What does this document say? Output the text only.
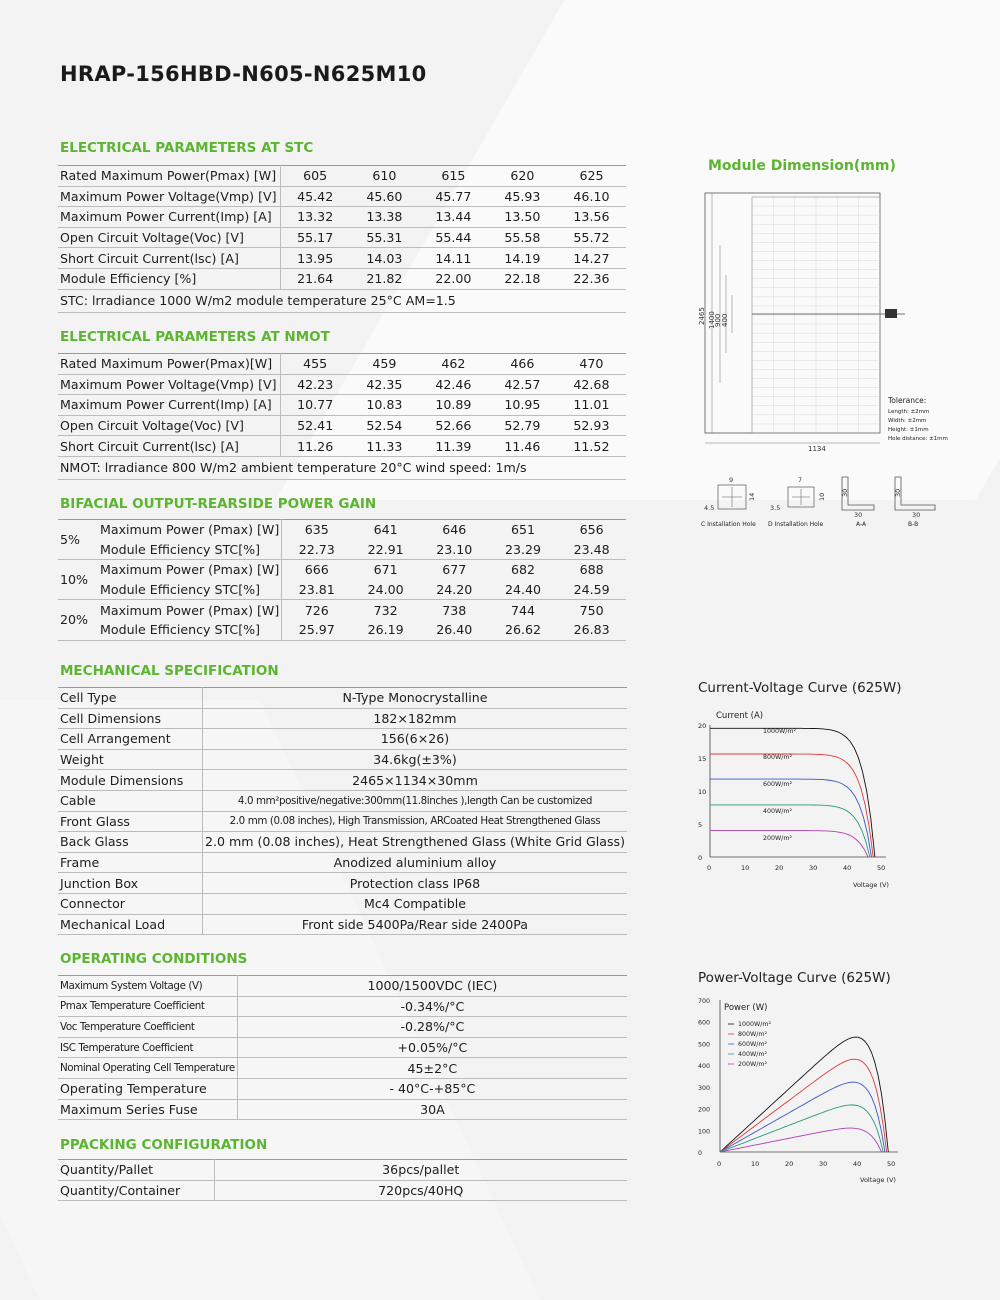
HRAP-156HBD-N605-N625M10
ELECTRICAL PARAMETERS AT STC
Rated Maximum Power(Pmax) [W]	605	610	615	620	625
Maximum Power Voltage(Vmp) [V]	45.42	45.60	45.77	45.93	46.10
Maximum Power Current(Imp) [A]	13.32	13.38	13.44	13.50	13.56
Open Circuit Voltage(Voc) [V]	55.17	55.31	55.44	55.58	55.72
Short Circuit Current(lsc) [A]	13.95	14.03	14.11	14.19	14.27
Module Efficiency [%]	21.64	21.82	22.00	22.18	22.36
STC: lrradiance 1000 W/m2 module temperature 25°C AM=1.5					
ELECTRICAL PARAMETERS AT NMOT
Rated Maximum Power(Pmax)[W]	455	459	462	466	470
Maximum Power Voltage(Vmp) [V]	42.23	42.35	42.46	42.57	42.68
Maximum Power Current(Imp) [A]	10.77	10.83	10.89	10.95	11.01
Open Circuit Voltage(Voc) [V]	52.41	52.54	52.66	52.79	52.93
Short Circuit Current(lsc) [A]	11.26	11.33	11.39	11.46	11.52
NMOT: lrradiance 800 W/m2 ambient temperature 20°C wind speed: 1m/s					
BIFACIAL OUTPUT-REARSIDE POWER GAIN
5%	Maximum Power (Pmax) [W]	635	641	646	651	656
	Module Efficiency STC[%]	22.73	22.91	23.10	23.29	23.48
10%	Maximum Power (Pmax) [W]	666	671	677	682	688
	Module Efficiency STC[%]	23.81	24.00	24.20	24.40	24.59
20%	Maximum Power (Pmax) [W]	726	732	738	744	750
	Module Efficiency STC[%]	25.97	26.19	26.40	26.62	26.83
MECHANICAL SPECIFICATION
Cell Type	N-Type Monocrystalline
Cell Dimensions	182×182mm
Cell Arrangement	156(6×26)
Weight	34.6kg(±3%)
Module Dimensions	2465×1134×30mm
Cable	4.0 mm²positive/negative:300mm(11.8inches ),length Can be customized
Front Glass	2.0 mm (0.08 inches), High Transmission, ARCoated Heat Strengthened Glass
Back Glass	2.0 mm (0.08 inches), Heat Strengthened Glass (White Grid Glass)
Frame	Anodized aluminium alloy
Junction Box	Protection class IP68
Connector	Mc4 Compatible
Mechanical Load	Front side 5400Pa/Rear side 2400Pa
OPERATING CONDITIONS
Maximum System Voltage (V)	1000/1500VDC (IEC)
Pmax Temperature Coefficient	-0.34%/°C
Voc Temperature Coefficient	-0.28%/°C
ISC Temperature Coefficient	+0.05%/°C
Nominal Operating Cell Temperature	45±2°C
Operating Temperature	- 40°C-+85°C
Maximum Series Fuse	30A
PPACKING CONFIGURATION
Quantity/Pallet	36pcs/pallet
Quantity/Container	720pcs/40HQ
Module Dimension(mm)
2465 1400
900 400
1134
Tolerance:
Length: ±2mm
Width: ±2mm
Height: ±1mm
Hole distance: ±1mm
9
4.5
14
C Installation Hole
7
3.5
10
D Installation Hole
30
30
A-A
30
30
B-B
Current-Voltage Curve (625W)
0	10	20	30	40	50
0
5
10
15
20
Current (A)
Voltage (V)
1000W/m²
800W/m²
600W/m²
400W/m²
200W/m²
Power-Voltage Curve (625W)
0	10	20	30	40	50
0
100
200
300
400
500
600
700
Power (W)
Voltage (V)
1000W/m²
800W/m²
600W/m²
400W/m²
200W/m²
